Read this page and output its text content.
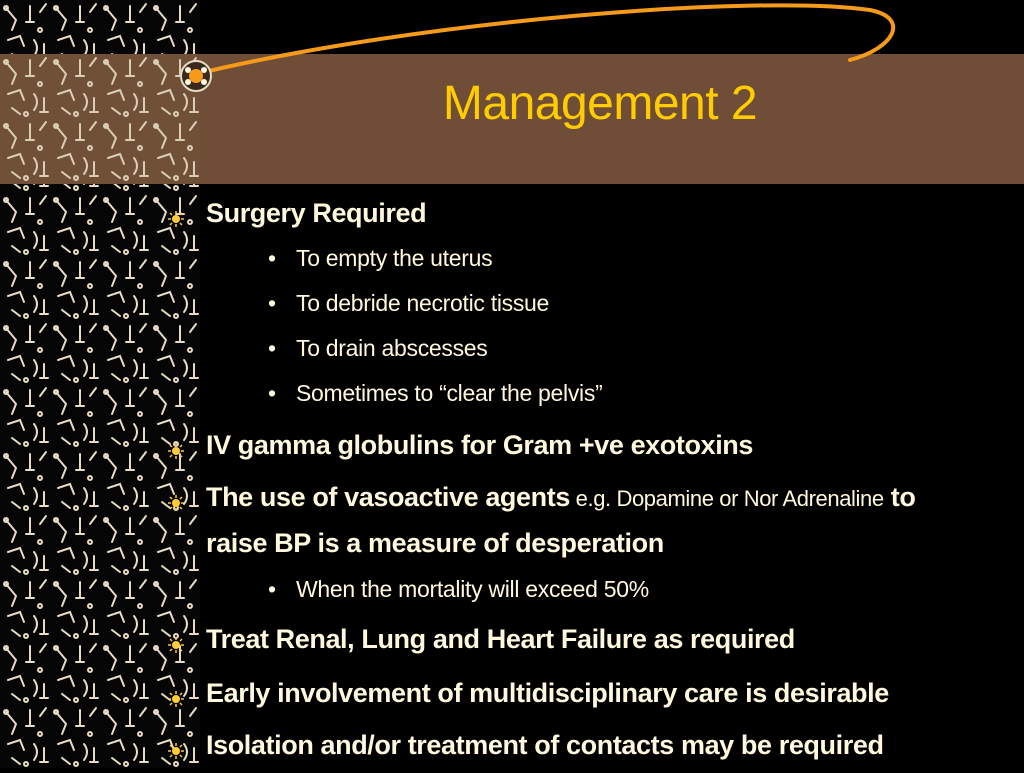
Management 2
Surgery Required
• To empty the uterus
• To debride necrotic tissue
• To drain abscesses
• Sometimes to “clear the pelvis”
IV gamma globulins for Gram +ve exotoxins
The use of vasoactive agents e.g. Dopamine or Nor Adrenaline to
raise BP is a measure of desperation
• When the mortality will exceed 50%
Treat Renal, Lung and Heart Failure as required
Early involvement of multidisciplinary care is desirable
Isolation and/or treatment of contacts may be required
